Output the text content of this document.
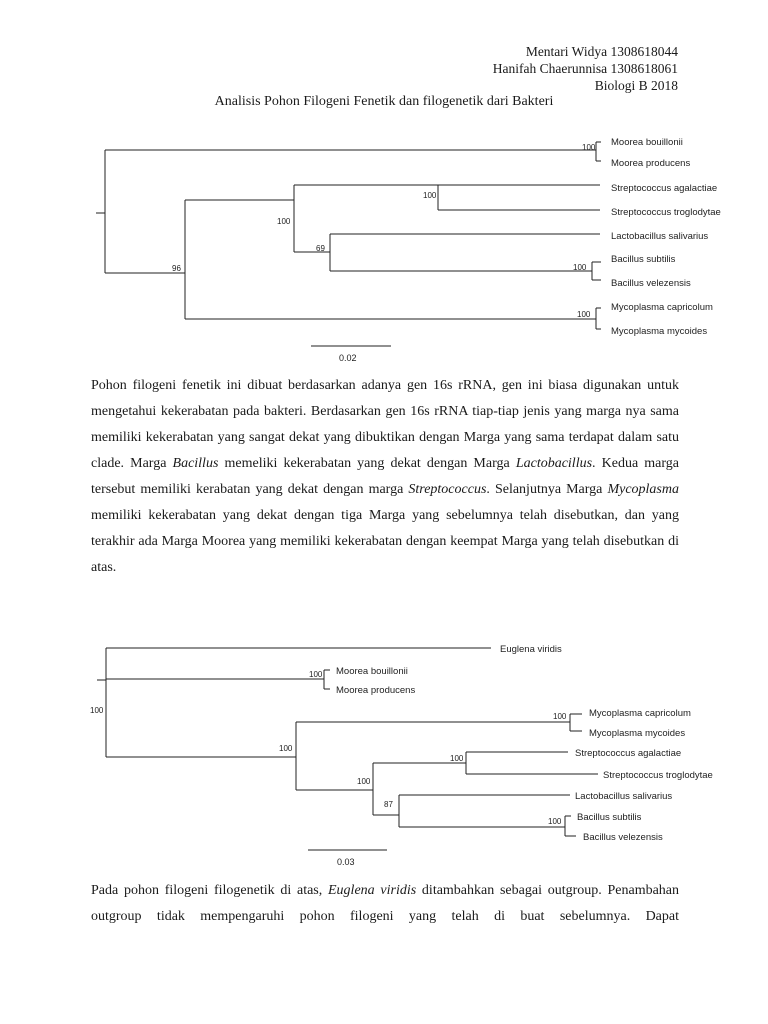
Mentari Widya 1308618044
Hanifah Chaerunnisa 1308618061
Biologi B 2018
Analisis Pohon Filogeni Fenetik dan filogenetik dari Bakteri
Moorea bouillonii
Moorea producens
Streptococcus agalactiae
Streptococcus troglodytae
Lactobacillus salivarius
Bacillus subtilis
Bacillus velezensis
Mycoplasma capricolum
Mycoplasma mycoides
100
100
100
69
100
96
100
0.02
Pohon filogeni fenetik ini dibuat berdasarkan adanya gen 16s rRNA, gen ini biasa digunakan untuk mengetahui kekerabatan pada bakteri. Berdasarkan gen 16s rRNA tiap-tiap jenis yang marga nya sama memiliki kekerabatan yang sangat dekat yang dibuktikan dengan Marga yang sama terdapat dalam satu clade. Marga Bacillus memeliki kekerabatan yang dekat dengan Marga Lactobacillus. Kedua marga tersebut memiliki kerabatan yang dekat dengan marga Streptococcus. Selanjutnya Marga Mycoplasma memiliki kekerabatan yang dekat dengan tiga Marga yang sebelumnya telah disebutkan, dan yang terakhir ada Marga Moorea yang memiliki kekerabatan dengan keempat Marga yang telah disebutkan di atas.
Euglena viridis
Moorea bouillonii
Moorea producens
Mycoplasma capricolum
Mycoplasma mycoides
Streptococcus agalactiae
Streptococcus troglodytae
Lactobacillus salivarius
Bacillus subtilis
Bacillus velezensis
100
100
100
100
100
100
87
100
0.03
Pada pohon filogeni filogenetik di atas, Euglena viridis ditambahkan sebagai outgroup. Penambahan outgroup tidak mempengaruhi pohon filogeni yang telah di buat sebelumnya. Dapat
